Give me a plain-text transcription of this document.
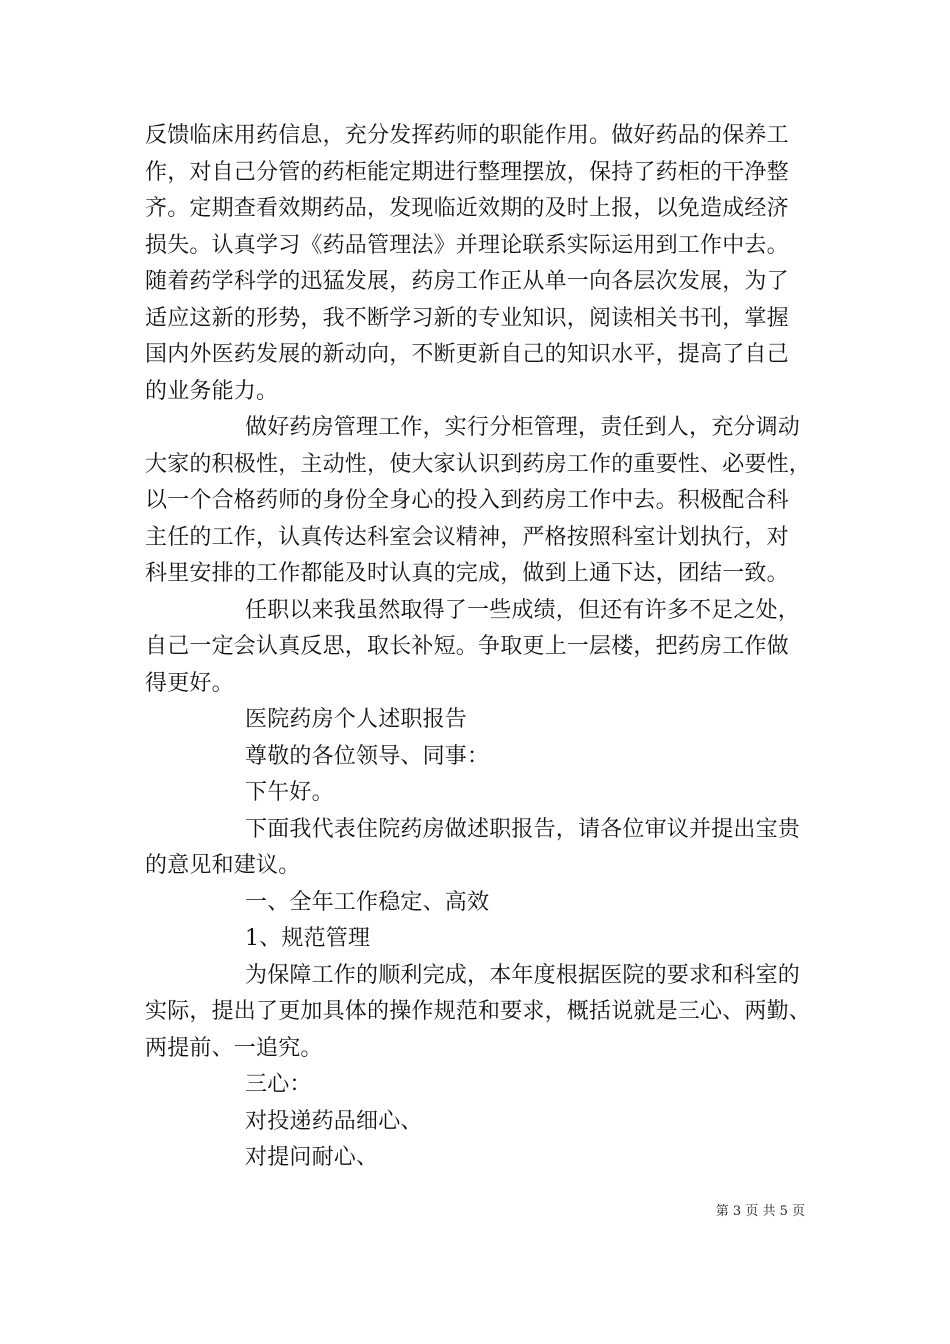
反馈临床用药信息，充分发挥药师的职能作用。做好药品的保养工
作，对自己分管的药柜能定期进行整理摆放，保持了药柜的干净整
齐。定期查看效期药品，发现临近效期的及时上报，以免造成经济
损失。认真学习《药品管理法》并理论联系实际运用到工作中去。
随着药学科学的迅猛发展，药房工作正从单一向各层次发展，为了
适应这新的形势，我不断学习新的专业知识，阅读相关书刊，掌握
国内外医药发展的新动向，不断更新自己的知识水平，提高了自己
的业务能力。
做好药房管理工作，实行分柜管理，责任到人，充分调动
大家的积极性，主动性，使大家认识到药房工作的重要性、必要性，
以一个合格药师的身份全身心的投入到药房工作中去。积极配合科
主任的工作，认真传达科室会议精神，严格按照科室计划执行，对
科里安排的工作都能及时认真的完成，做到上通下达，团结一致。
任职以来我虽然取得了一些成绩，但还有许多不足之处，
自己一定会认真反思，取长补短。争取更上一层楼，把药房工作做
得更好。
医院药房个人述职报告
尊敬的各位领导、同事：
下午好。
下面我代表住院药房做述职报告，请各位审议并提出宝贵
的意见和建议。
一、全年工作稳定、高效
1、规范管理
为保障工作的顺利完成，本年度根据医院的要求和科室的
实际，提出了更加具体的操作规范和要求，概括说就是三心、两勤、
两提前、一追究。
三心：
对投递药品细心、
对提问耐心、
第 3 页 共 5 页
